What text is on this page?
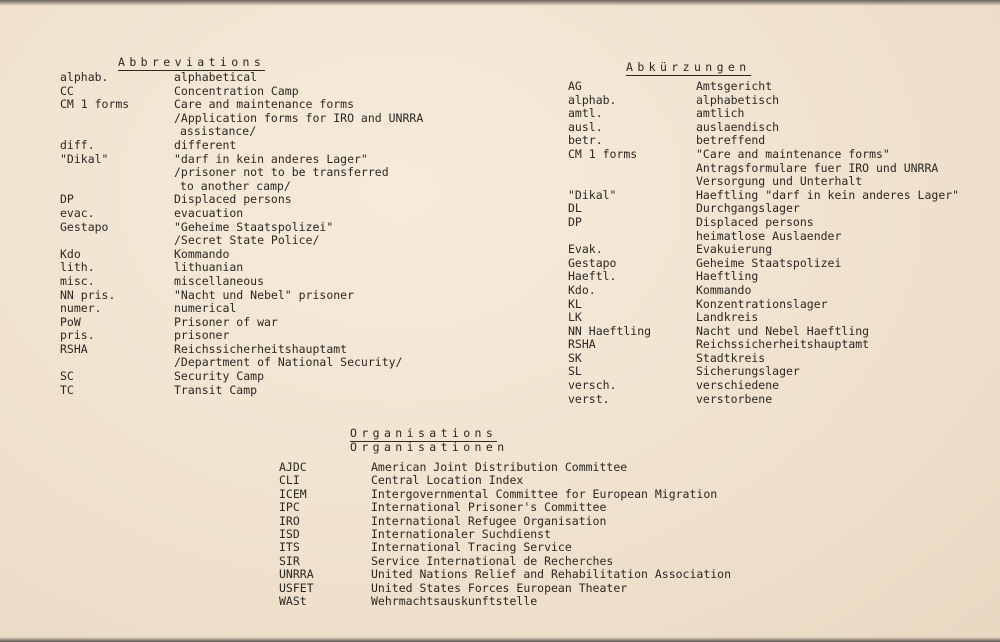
Abbreviations
alphab.	alphabetical
CC	Concentration Camp
CM 1 forms	Care and maintenance forms
/Application forms for IRO and UNRRA
assistance/
diff.	different
"Dikal"	"darf in kein anderes Lager"
/prisoner not to be transferred
to another camp/
DP	Displaced persons
evac.	evacuation
Gestapo	"Geheime Staatspolizei"
/Secret State Police/
Kdo	Kommando
lith.	lithuanian
misc.	miscellaneous
NN pris.	"Nacht und Nebel" prisoner
numer.	numerical
PoW	Prisoner of war
pris.	prisoner
RSHA	Reichssicherheitshauptamt
/Department of National Security/
SC	Security Camp
TC	Transit Camp
Abkürzungen
AG	Amtsgericht
alphab.	alphabetisch
amtl.	amtlich
ausl.	auslaendisch
betr.	betreffend
CM 1 forms	"Care and maintenance forms"
Antragsformulare fuer IRO und UNRRA
Versorgung und Unterhalt
"Dikal"	Haeftling "darf in kein anderes Lager"
DL	Durchgangslager
DP	Displaced persons
heimatlose Auslaender
Evak.	Evakuierung
Gestapo	Geheime Staatspolizei
Haeftl.	Haeftling
Kdo.	Kommando
KL	Konzentrationslager
LK	Landkreis
NN Haeftling	Nacht und Nebel Haeftling
RSHA	Reichssicherheitshauptamt
SK	Stadtkreis
SL	Sicherungslager
versch.	verschiedene
verst.	verstorbene
Organisations
Organisationen
AJDC	American Joint Distribution Committee
CLI	Central Location Index
ICEM	Intergovernmental Committee for European Migration
IPC	International Prisoner's Committee
IRO	International Refugee Organisation
ISD	Internationaler Suchdienst
ITS	International Tracing Service
SIR	Service International de Recherches
UNRRA	United Nations Relief and Rehabilitation Association
USFET	United States Forces European Theater
WASt	Wehrmachtsauskunftstelle
